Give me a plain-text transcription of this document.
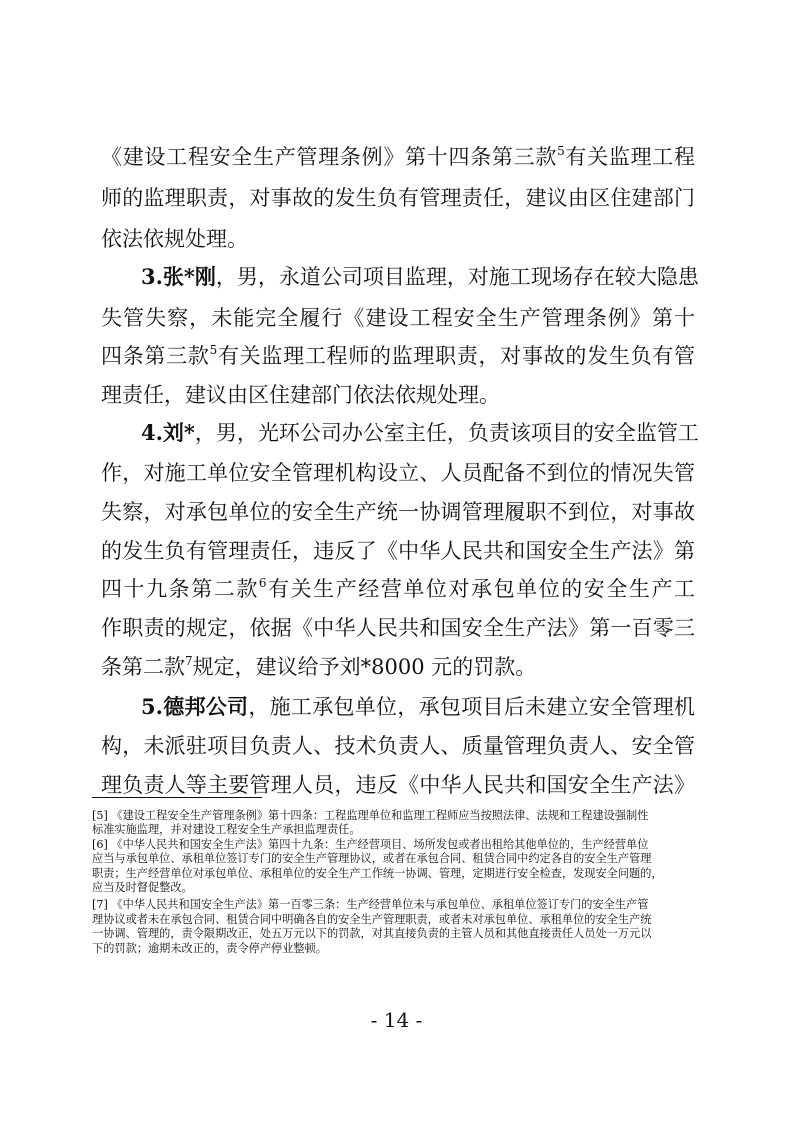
《建设工程安全生产管理条例》第十四条第三款$^5$有关监理工程
师的监理职责，对事故的发生负有管理责任，建议由区住建部门
依法依规处理。
3.张*刚，男，永道公司项目监理，对施工现场存在较大隐患
失管失察，未能完全履行《建设工程安全生产管理条例》第十
四条第三款$^5$有关监理工程师的监理职责，对事故的发生负有管
理责任，建议由区住建部门依法依规处理。
4.刘*，男，光环公司办公室主任，负责该项目的安全监管工
作，对施工单位安全管理机构设立、人员配备不到位的情况失管
失察，对承包单位的安全生产统一协调管理履职不到位，对事故
的发生负有管理责任，违反了《中华人民共和国安全生产法》第
四十九条第二款$^6$有关生产经营单位对承包单位的安全生产工
作职责的规定，依据《中华人民共和国安全生产法》第一百零三
条第二款$^7$规定，建议给予刘*8000 元的罚款。
5.德邦公司，施工承包单位，承包项目后未建立安全管理机
构，未派驻项目负责人、技术负责人、质量管理负责人、安全管
理负责人等主要管理人员，违反《中华人民共和国安全生产法》
[5] 《建设工程安全生产管理条例》第十四条：工程监理单位和监理工程师应当按照法律、法规和工程建设强制性
标准实施监理，并对建设工程安全生产承担监理责任。
[6] 《中华人民共和国安全生产法》第四十九条：生产经营项目、场所发包或者出租给其他单位的，生产经营单位
应当与承包单位、承租单位签订专门的安全生产管理协议，或者在承包合同、租赁合同中约定各自的安全生产管理
职责；生产经营单位对承包单位、承租单位的安全生产工作统一协调、管理，定期进行安全检查，发现安全问题的，
应当及时督促整改。
[7] 《中华人民共和国安全生产法》第一百零三条：生产经营单位未与承包单位、承租单位签订专门的安全生产管
理协议或者未在承包合同、租赁合同中明确各自的安全生产管理职责，或者未对承包单位、承租单位的安全生产统
一协调、管理的，责令限期改正，处五万元以下的罚款，对其直接负责的主管人员和其他直接责任人员处一万元以
下的罚款；逾期未改正的，责令停产停业整顿。
- 14 -
